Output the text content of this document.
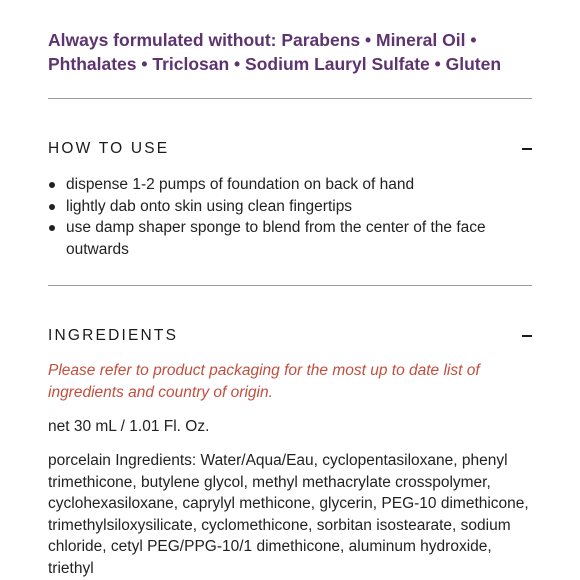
Always formulated without: Parabens • Mineral Oil • Phthalates • Triclosan • Sodium Lauryl Sulfate • Gluten

HOW TO USE
dispense 1-2 pumps of foundation on back of hand
lightly dab onto skin using clean fingertips
use damp shaper sponge to blend from the center of the face outwards
INGREDIENTS

Please refer to product packaging for the most up to date list of ingredients and country of origin.

net 30 mL / 1.01 Fl. Oz.

porcelain Ingredients: Water/Aqua/Eau, cyclopentasiloxane, phenyl trimethicone, butylene glycol, methyl methacrylate crosspolymer, cyclohexasiloxane, caprylyl methicone, glycerin, PEG-10 dimethicone, trimethylsiloxysilicate, cyclomethicone, sorbitan isostearate, sodium chloride, cetyl PEG/PPG-10/1 dimethicone, aluminum hydroxide, triethyl
